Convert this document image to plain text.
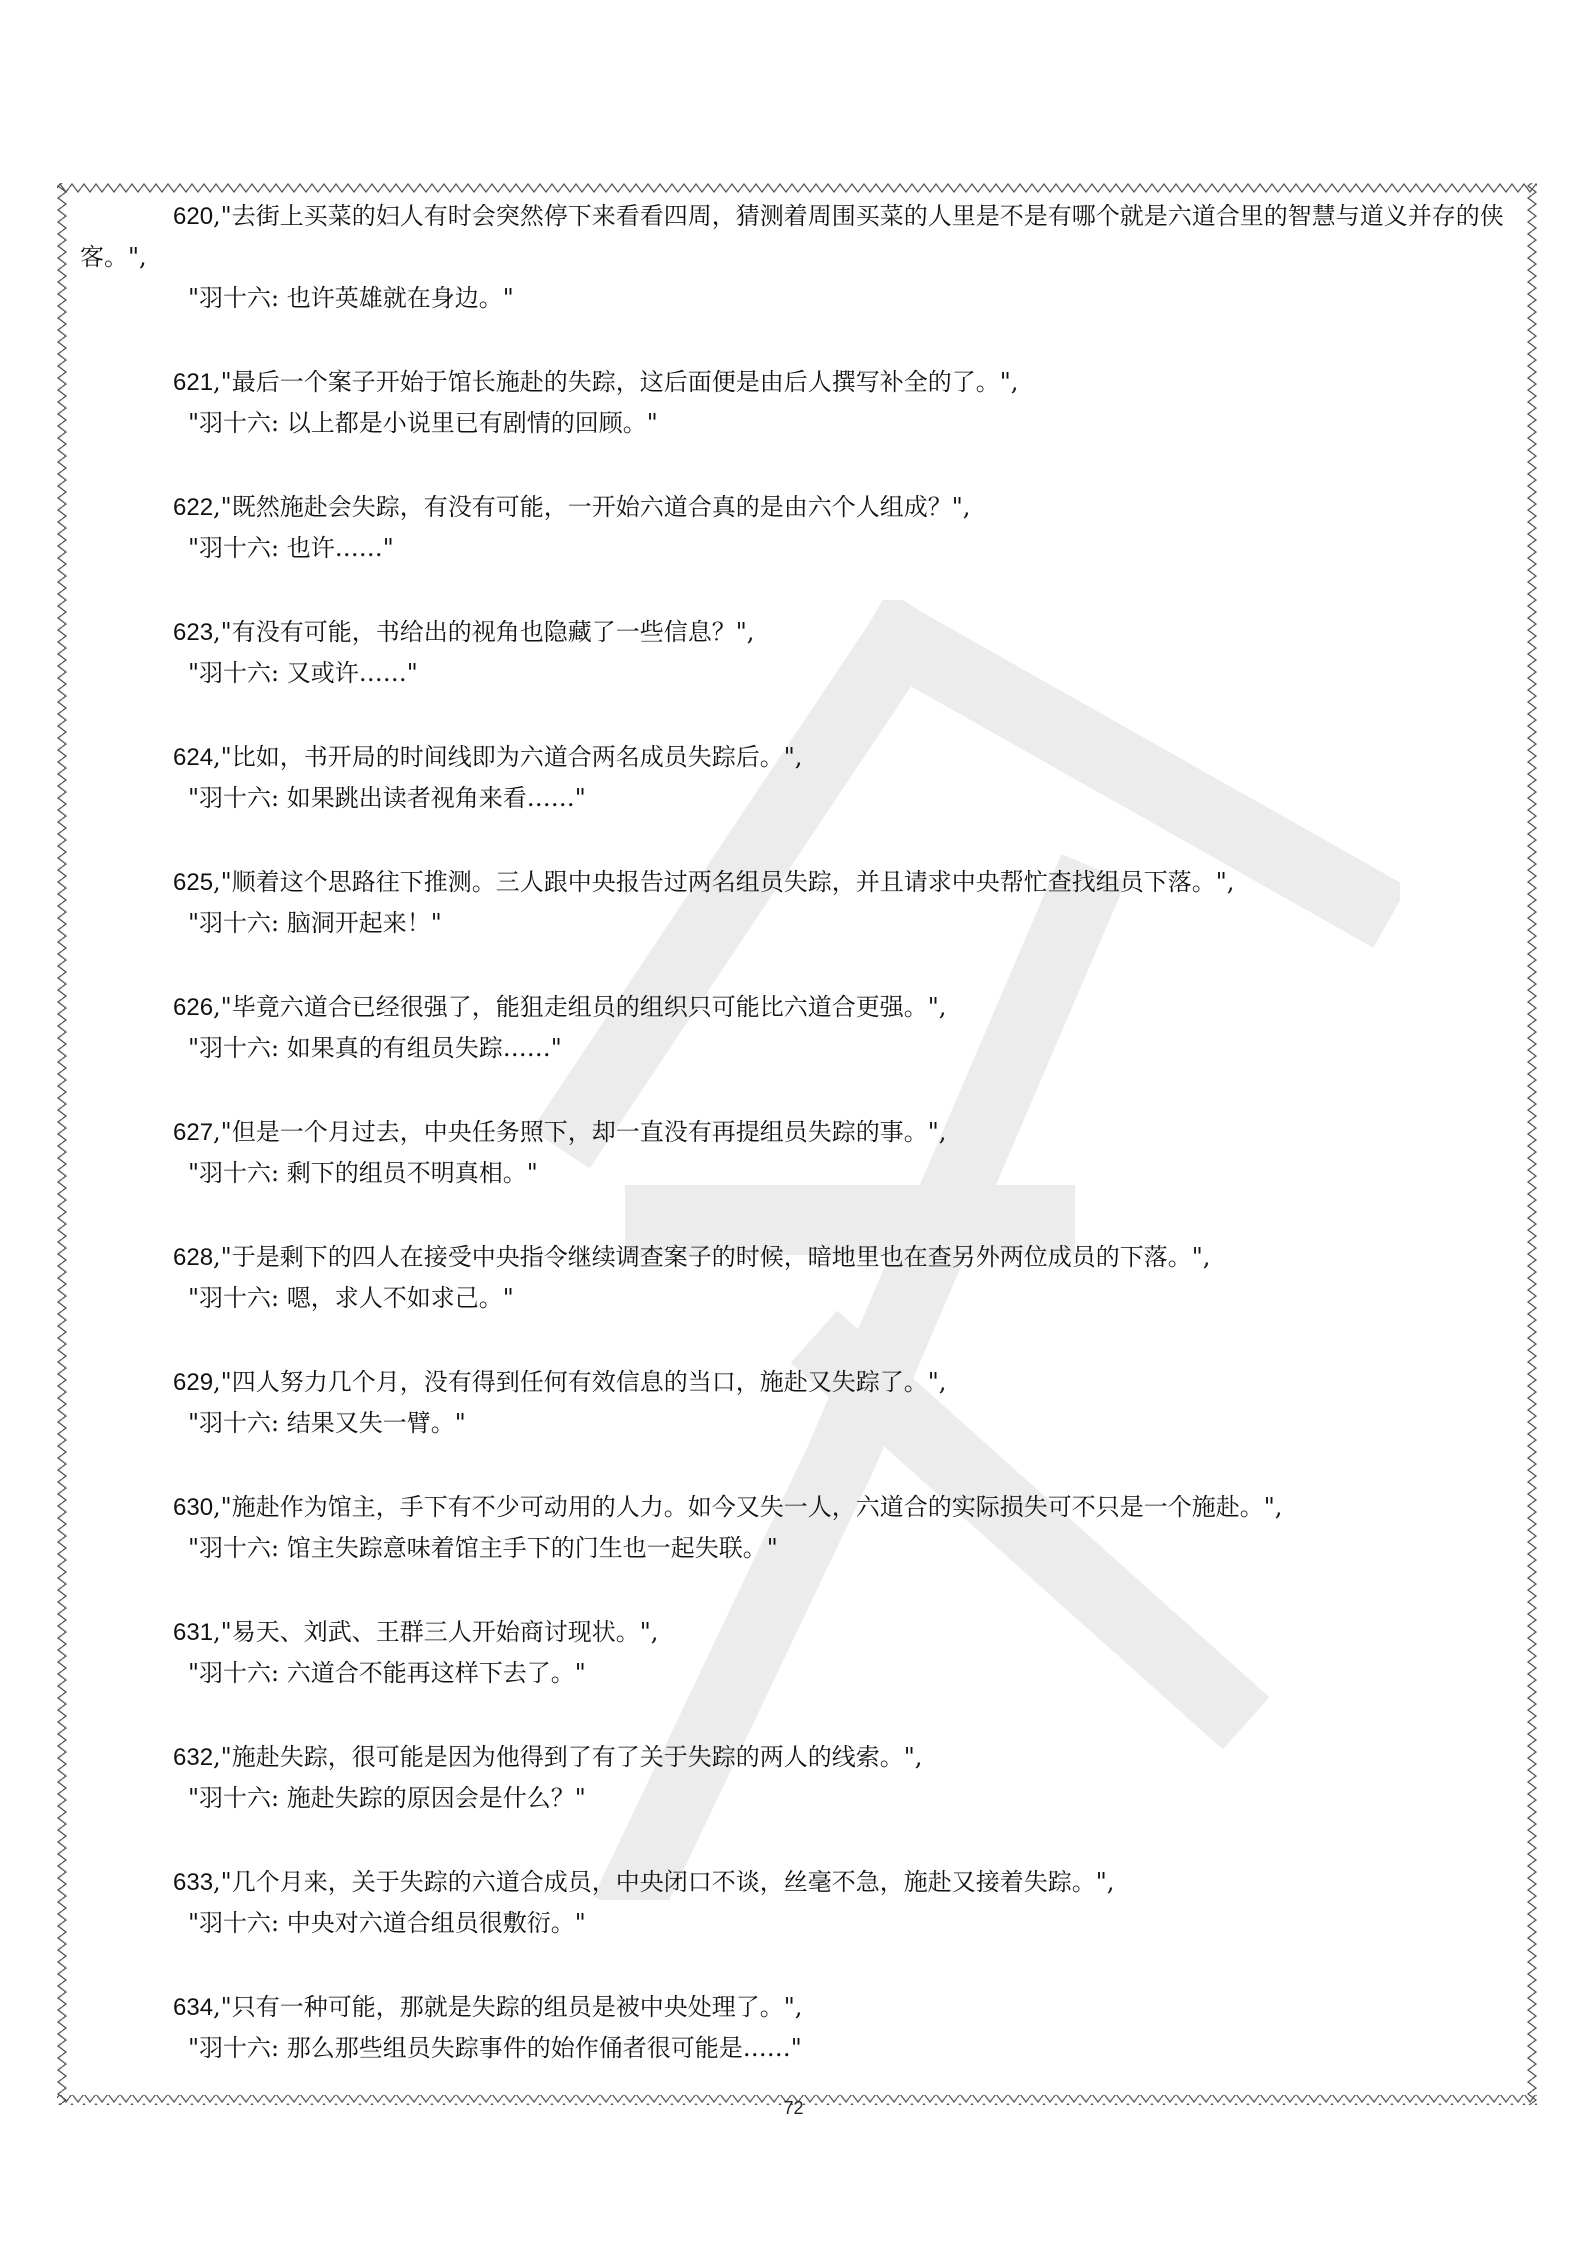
620,"去街上买菜的妇人有时会突然停下来看看四周，猜测着周围买菜的人里是不是有哪个就是六道合里的智慧与道义并存的侠客。",
"羽十六: 也许英雄就在身边。"
621,"最后一个案子开始于馆长施赴的失踪，这后面便是由后人撰写补全的了。",
"羽十六: 以上都是小说里已有剧情的回顾。"
622,"既然施赴会失踪，有没有可能，一开始六道合真的是由六个人组成？",
"羽十六: 也许……"
623,"有没有可能，书给出的视角也隐藏了一些信息？",
"羽十六: 又或许……"
624,"比如，书开局的时间线即为六道合两名成员失踪后。",
"羽十六: 如果跳出读者视角来看……"
625,"顺着这个思路往下推测。三人跟中央报告过两名组员失踪，并且请求中央帮忙查找组员下落。",
"羽十六: 脑洞开起来！"
626,"毕竟六道合已经很强了，能狙走组员的组织只可能比六道合更强。",
"羽十六: 如果真的有组员失踪……"
627,"但是一个月过去，中央任务照下，却一直没有再提组员失踪的事。",
"羽十六: 剩下的组员不明真相。"
628,"于是剩下的四人在接受中央指令继续调查案子的时候，暗地里也在查另外两位成员的下落。",
"羽十六: 嗯，求人不如求己。"
629,"四人努力几个月，没有得到任何有效信息的当口，施赴又失踪了。",
"羽十六: 结果又失一臂。"
630,"施赴作为馆主，手下有不少可动用的人力。如今又失一人，六道合的实际损失可不只是一个施赴。",
"羽十六: 馆主失踪意味着馆主手下的门生也一起失联。"
631,"易天、刘武、王群三人开始商讨现状。",
"羽十六: 六道合不能再这样下去了。"
632,"施赴失踪，很可能是因为他得到了有了关于失踪的两人的线索。",
"羽十六: 施赴失踪的原因会是什么？"
633,"几个月来，关于失踪的六道合成员，中央闭口不谈，丝毫不急，施赴又接着失踪。",
"羽十六: 中央对六道合组员很敷衍。"
634,"只有一种可能，那就是失踪的组员是被中央处理了。",
"羽十六: 那么那些组员失踪事件的始作俑者很可能是……"
72
